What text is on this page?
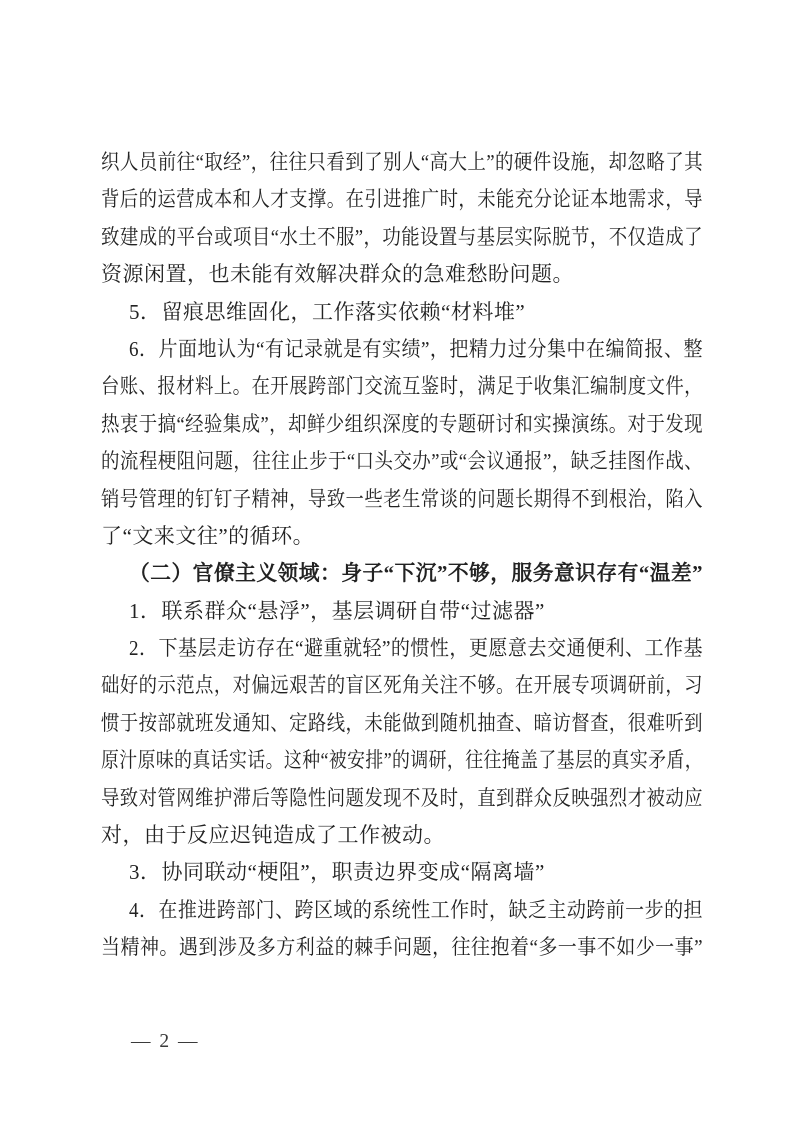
织人员前往“取经”，往往只看到了别人“高大上”的硬件设施，却忽略了其
背后的运营成本和人才支撑。在引进推广时，未能充分论证本地需求，导
致建成的平台或项目“水土不服”，功能设置与基层实际脱节，不仅造成了
资源闲置，也未能有效解决群众的急难愁盼问题。
5．留痕思维固化，工作落实依赖“材料堆”
6．片面地认为“有记录就是有实绩”，把精力过分集中在编简报、整
台账、报材料上。在开展跨部门交流互鉴时，满足于收集汇编制度文件，
热衷于搞“经验集成”，却鲜少组织深度的专题研讨和实操演练。对于发现
的流程梗阻问题，往往止步于“口头交办”或“会议通报”，缺乏挂图作战、
销号管理的钉钉子精神，导致一些老生常谈的问题长期得不到根治，陷入
了“文来文往”的循环。
（二）官僚主义领域：身子“下沉”不够，服务意识存有“温差”
1．联系群众“悬浮”，基层调研自带“过滤器”
2．下基层走访存在“避重就轻”的惯性，更愿意去交通便利、工作基
础好的示范点，对偏远艰苦的盲区死角关注不够。在开展专项调研前，习
惯于按部就班发通知、定路线，未能做到随机抽查、暗访督查，很难听到
原汁原味的真话实话。这种“被安排”的调研，往往掩盖了基层的真实矛盾，
导致对管网维护滞后等隐性问题发现不及时，直到群众反映强烈才被动应
对，由于反应迟钝造成了工作被动。
3．协同联动“梗阻”，职责边界变成“隔离墙”
4．在推进跨部门、跨区域的系统性工作时，缺乏主动跨前一步的担
当精神。遇到涉及多方利益的棘手问题，往往抱着“多一事不如少一事”
— 2 —
